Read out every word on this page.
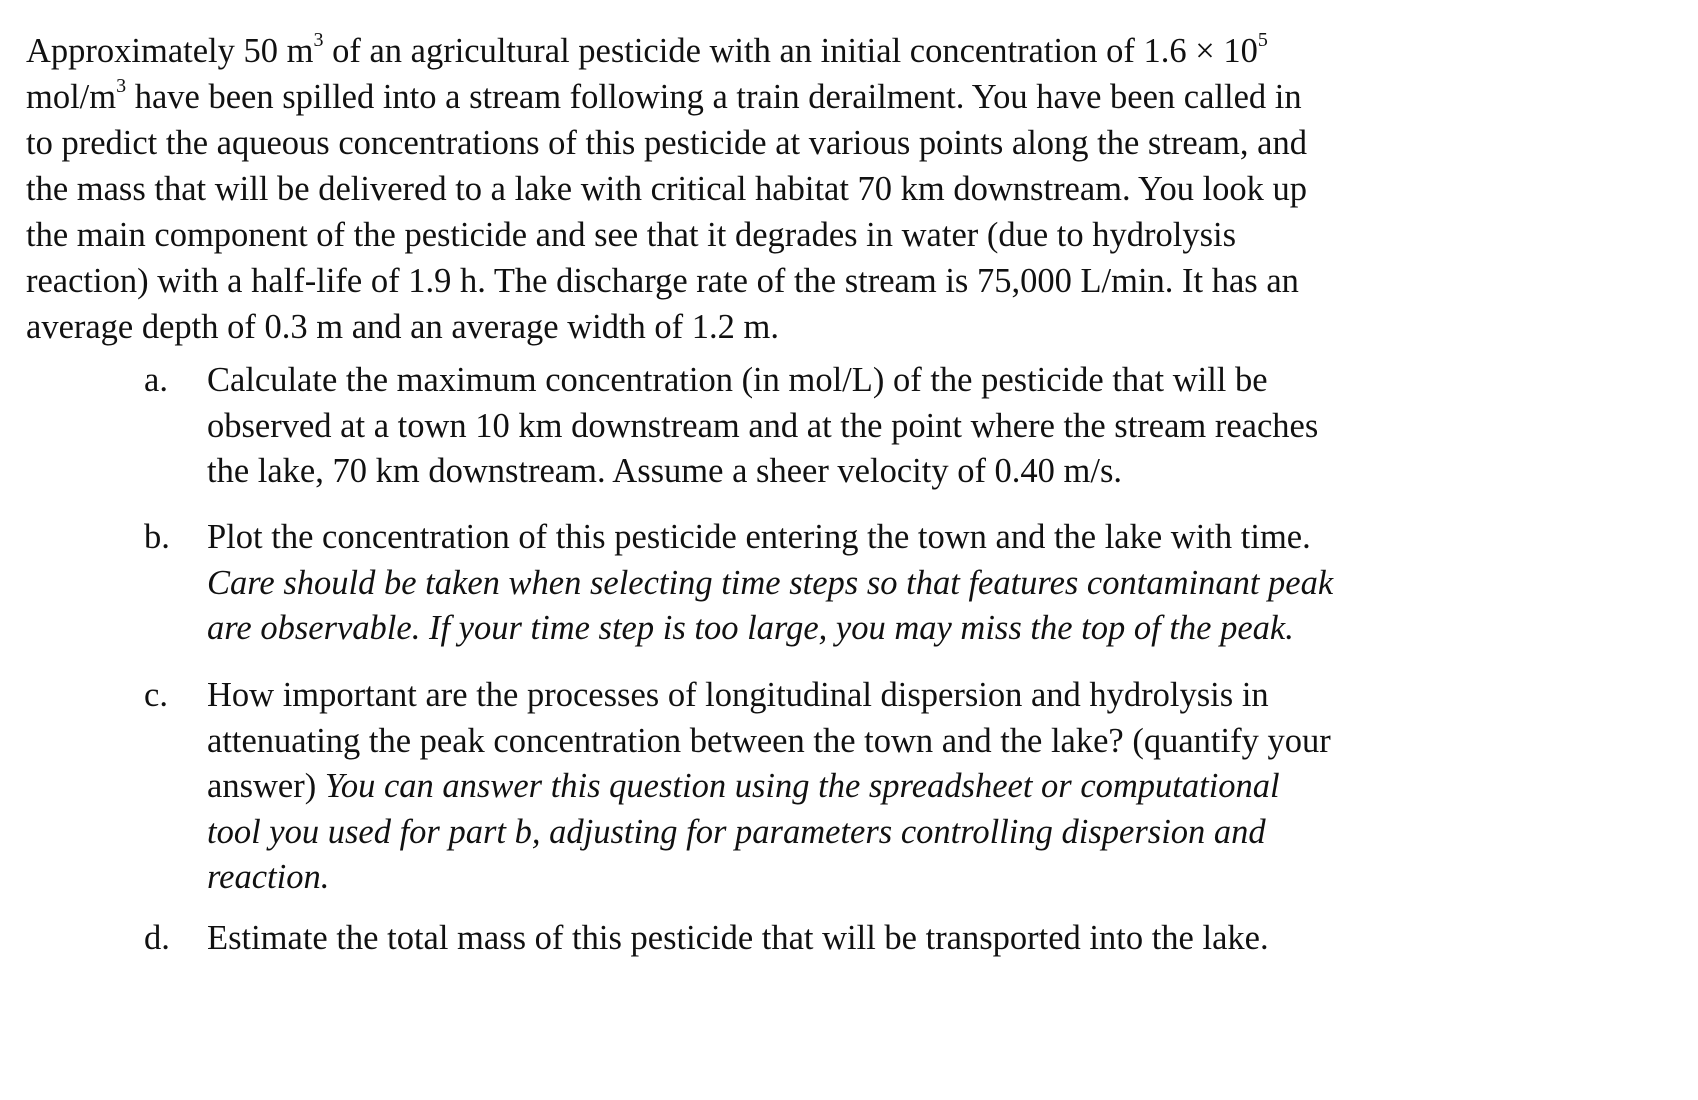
Approximately 50 $m^3$ of an agricultural pesticide with an initial concentration of $1.6 \times 10^5$
mol/$m^3$ have been spilled into a stream following a train derailment. You have been called in
to predict the aqueous concentrations of this pesticide at various points along the stream, and
the mass that will be delivered to a lake with critical habitat 70 km downstream. You look up
the main component of the pesticide and see that it degrades in water (due to hydrolysis
reaction) with a half-life of 1.9 h. The discharge rate of the stream is 75,000 L/min. It has an
average depth of 0.3 m and an average width of 1.2 m.

a.	Calculate the maximum concentration (in mol/L) of the pesticide that will be
observed at a town 10 km downstream and at the point where the stream reaches
the lake, 70 km downstream. Assume a sheer velocity of 0.40 m/s.
b.	Plot the concentration of this pesticide entering the town and the lake with time.
Care should be taken when selecting time steps so that features contaminant peak
are observable. If your time step is too large, you may miss the top of the peak.
c.	How important are the processes of longitudinal dispersion and hydrolysis in
attenuating the peak concentration between the town and the lake? (quantify your
answer) You can answer this question using the spreadsheet or computational
tool you used for part b, adjusting for parameters controlling dispersion and
reaction.
d.	Estimate the total mass of this pesticide that will be transported into the lake.
